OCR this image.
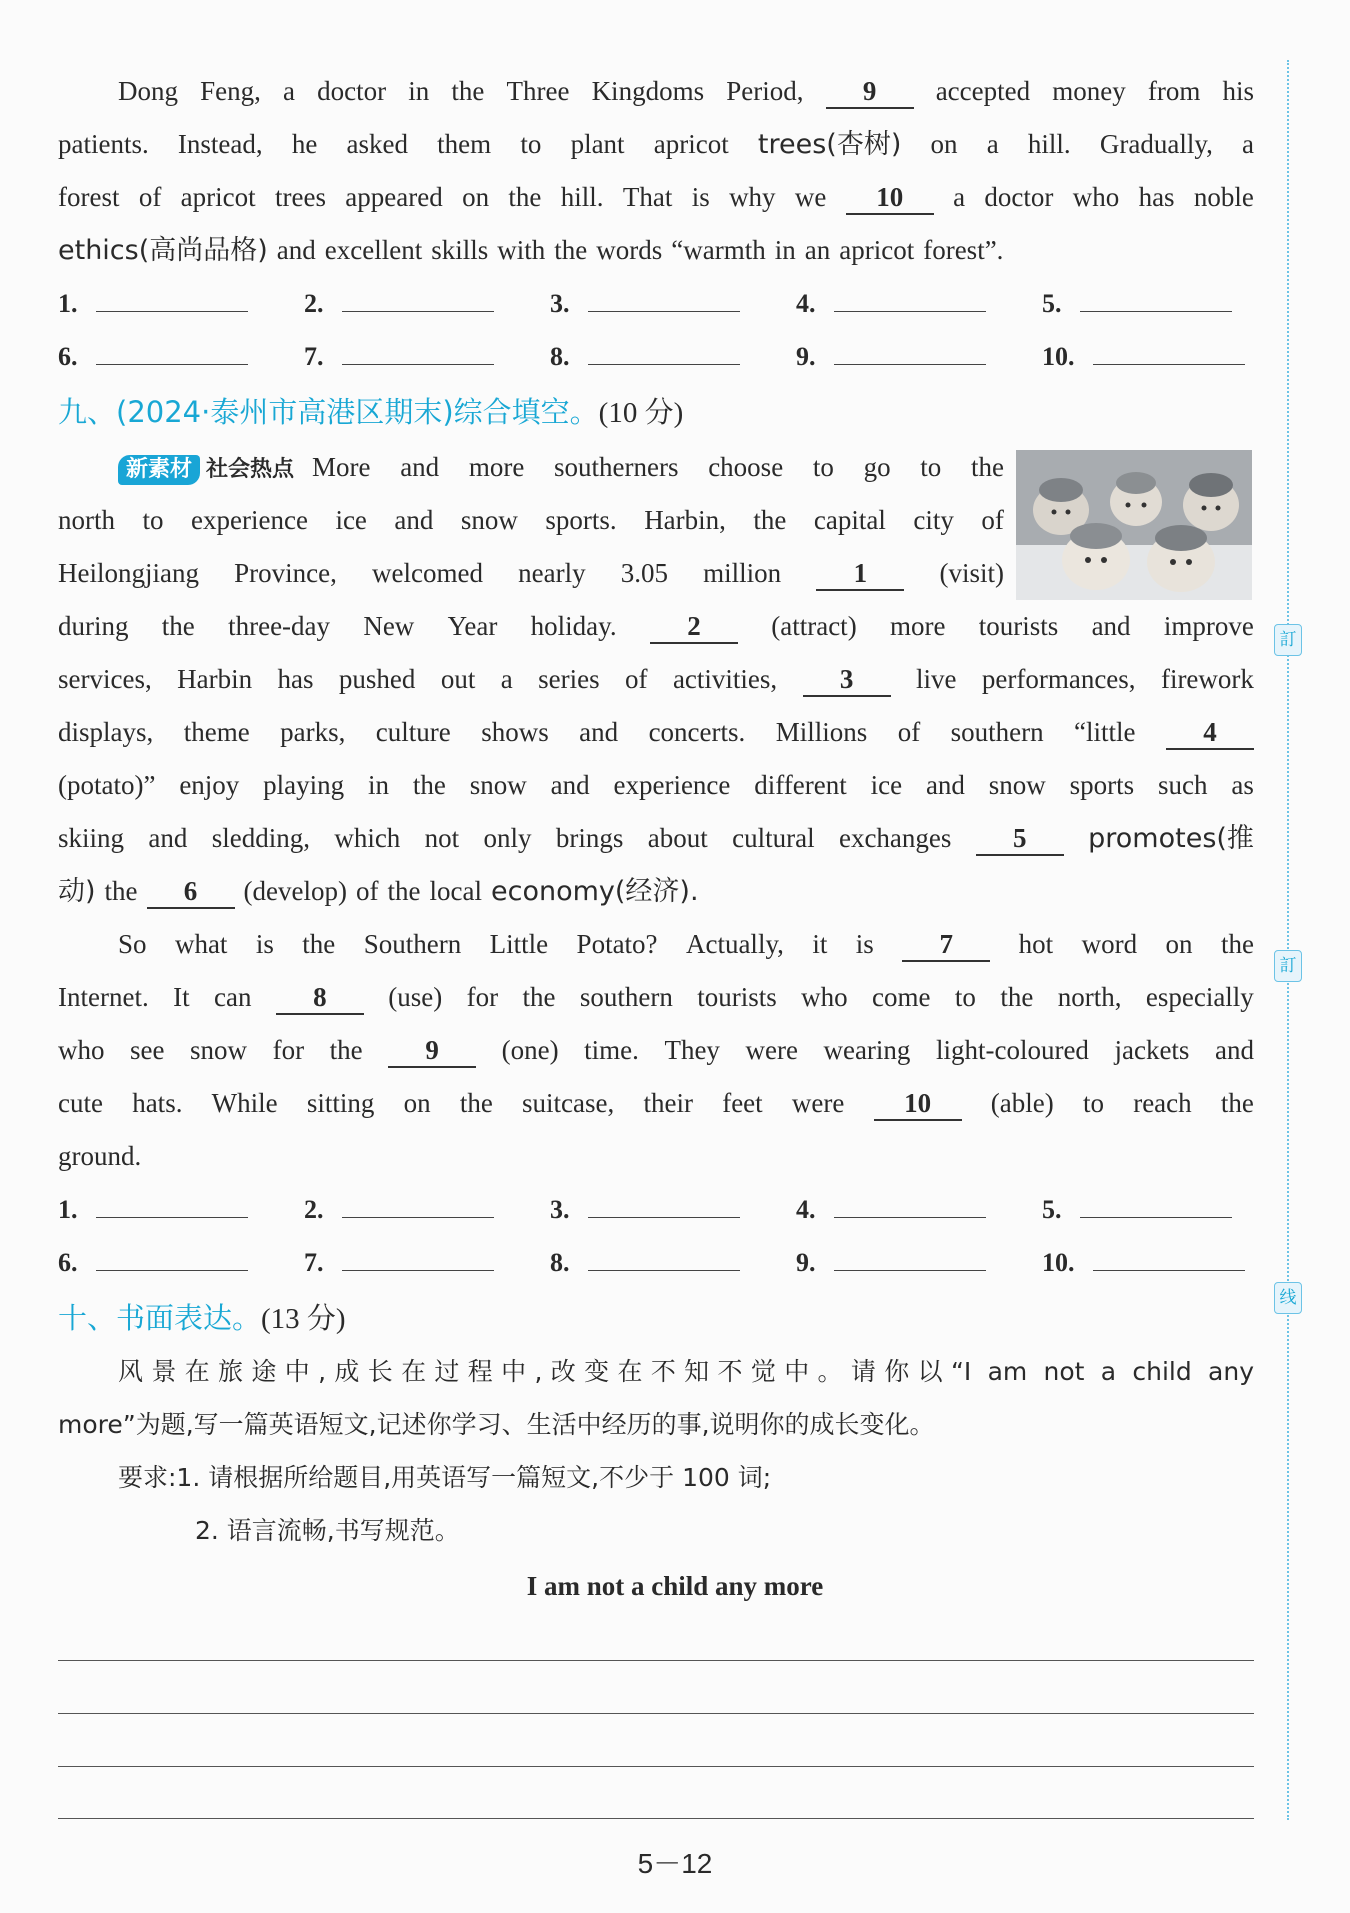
訂
訂
线
Dong Feng, a doctor in the Three Kingdoms Period,	9	accepted money from his
patients. Instead, he asked them to plant apricot trees(杏树) on a hill. Gradually, a
forest of apricot trees appeared on the hill. That is why we	10	a doctor who has noble
ethics(高尚品格) and excellent skills with the words “warmth in an apricot forest”.
1.	2.	3.	4.	5.
6.	7.	8.	9.	10.
九、(2024·泰州市高港区期末)综合填空。(10 分)
新素材 社会热点 More and more southerners choose to go to the
north to experience ice and snow sports. Harbin, the capital city of
Heilongjiang Province, welcomed nearly 3.05 million	1	(visit)
during the three-day New Year holiday.	2	(attract) more tourists and improve
services, Harbin has pushed out a series of activities,	3	live performances, firework
displays, theme parks, culture shows and concerts. Millions of southern “little	4
(potato)” enjoy playing in the snow and experience different ice and snow sports such as
skiing and sledding, which not only brings about cultural exchanges	5	promotes(推
动) the	6	(develop) of the local economy(经济).
So what is the Southern Little Potato? Actually, it is	7	hot word on the
Internet. It can	8	(use) for the southern tourists who come to the north, especially
who see snow for the	9	(one) time. They were wearing light-coloured jackets and
cute hats. While sitting on the suitcase, their feet were	10	(able) to reach the
ground.
1.	2.	3.	4.	5.
6.	7.	8.	9.	10.
十、书面表达。(13 分)
风景在旅途中,成长在过程中,改变在不知不觉中。请你以“I am not a child any
more”为题,写一篇英语短文,记述你学习、生活中经历的事,说明你的成长变化。
要求:1. 请根据所给题目,用英语写一篇短文,不少于 100 词;
2. 语言流畅,书写规范。
I am not a child any more
5－12
